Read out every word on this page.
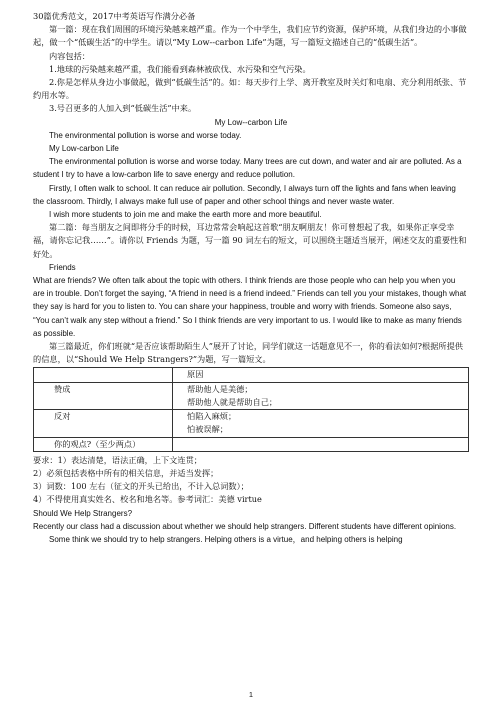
30篇优秀范文，2017中考英语写作满分必备

第一篇：现在我们周围的环境污染越来越严重。作为一个中学生，我们应节约资源，保护环境，从我们身边的小事做起，做一个“低碳生活”的中学生。请以“My Low--carbon Life”为题，写一篇短文描述自己的“低碳生活”。

内容包括：

1.地球的污染越来越严重，我们能看到森林被砍伐、水污染和空气污染。

2.你是怎样从身边小事做起，做到“低碳生活”的。如：每天步行上学、离开教室及时关灯和电扇、充分利用纸张、节约用水等。

3.号召更多的人加入到“低碳生活”中来。

My Low--carbon Life

The environmental pollution is worse and worse today.

My Low-carbon Life

The environmental pollution is worse and worse today. Many trees are cut down, and water and air are polluted. As a student I try to have a low-carbon life to save energy and reduce pollution.

Firstly, I often walk to school. It can reduce air pollution. Secondly, I always turn off the lights and fans when leaving the classroom. Thirdly, I always make full use of paper and other school things and never waste water.

I wish more students to join me and make the earth more and more beautiful.

第二篇：每当朋友之间即将分手的时候，耳边常常会响起这首歌“朋友啊朋友！你可曾想起了我，如果你正享受幸福，请你忘记我……”。请你以 Friends 为题，写一篇 90 词左右的短文，可以围绕主题适当展开，阐述交友的重要性和好处。

Friends

What are friends? We often talk about the topic with others. I think friends are those people who can help you when you are in trouble. Don’t forget the saying, “A friend in need is a friend indeed.” Friends can tell you your mistakes, though what they say is hard for you to listen to. You can share your happiness, trouble and worry with friends. Someone also says, “You can’t walk any step without a friend.” So I think friends are very important to us. I would like to make as many friends as possible.

第三篇最近，你们班就“是否应该帮助陌生人”展开了讨论，同学们就这一话题意见不一，你的看法如何?根据所提供的信息，以“Should We Help Strangers?”为题，写一篇短文。

	原因
赞成	帮助他人是美德；
帮助他人就是帮助自己；

反对	怕陷入麻烦；
怕被误解；

你的观点?（至少两点）	

要求：1）表达清楚，语法正确，上下文连贯；

2）必须包括表格中所有的相关信息，并适当发挥；

3）词数：100 左右（征文的开头已给出，不计入总词数）；

4）不得使用真实姓名、校名和地名等。参考词汇：美德 virtue

Should We Help Strangers?

Recently our class had a discussion about whether we should help strangers. Different students have different opinions.

Some think we should try to help strangers. Helping others is a virtue，and helping others is helping

1
